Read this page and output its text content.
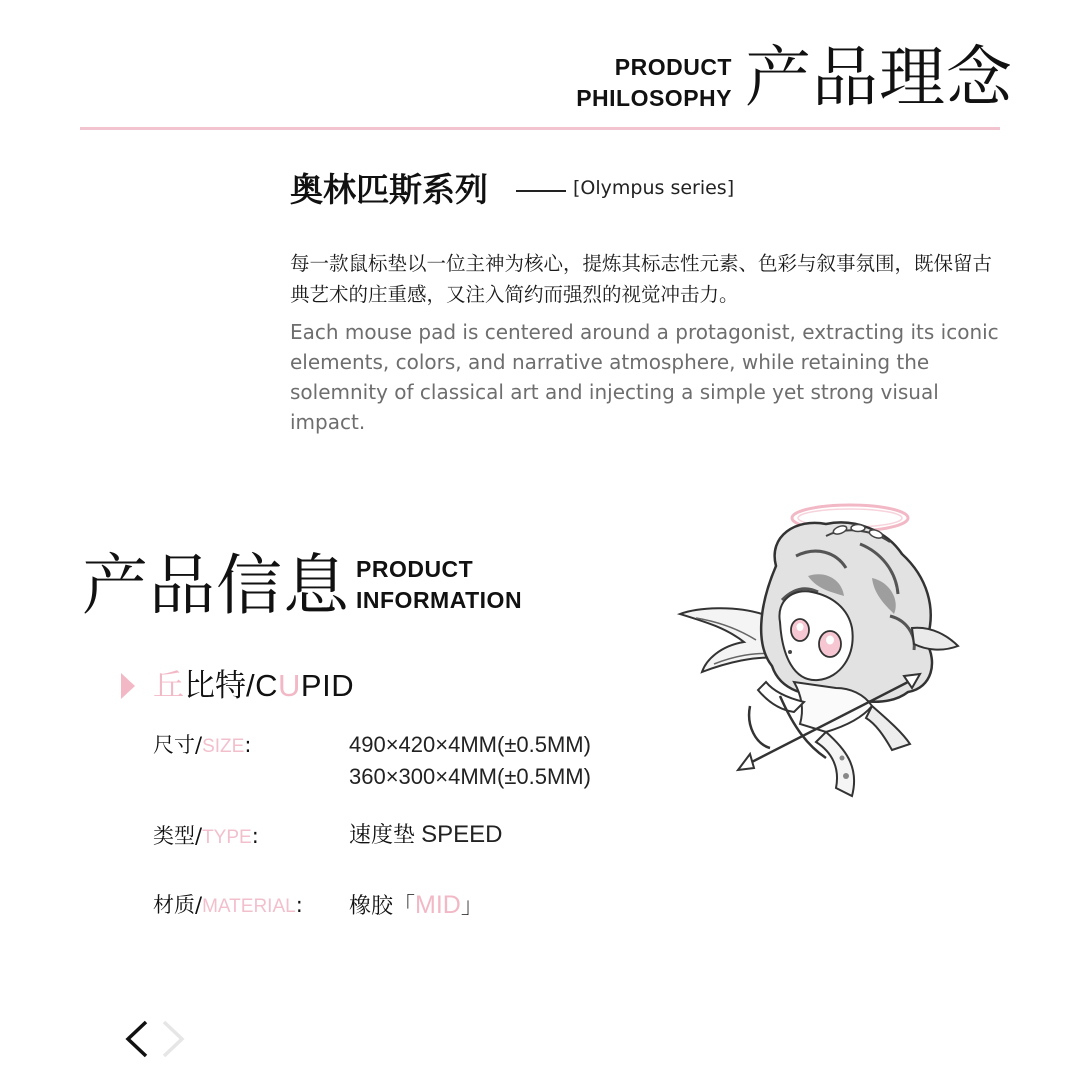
PRODUCT
PHILOSOPHY 产品理念
奥林匹斯系列	[Olympus series]
每一款鼠标垫以一位主神为核心，提炼其标志性元素、色彩与叙事氛围，既保留古典艺术的庄重感，又注入简约而强烈的视觉冲击力。
Each mouse pad is centered around a protagonist, extracting its iconic elements, colors, and narrative atmosphere, while retaining the solemnity of classical art and injecting a simple yet strong visual impact.
产品信息 PRODUCT
INFORMATION
丘比特/CUPID
尺寸/SIZE:	490×420×4MM(±0.5MM)
360×300×4MM(±0.5MM)
类型/TYPE:	速度垫 SPEED
材质/MATERIAL: 橡胶「MID」
